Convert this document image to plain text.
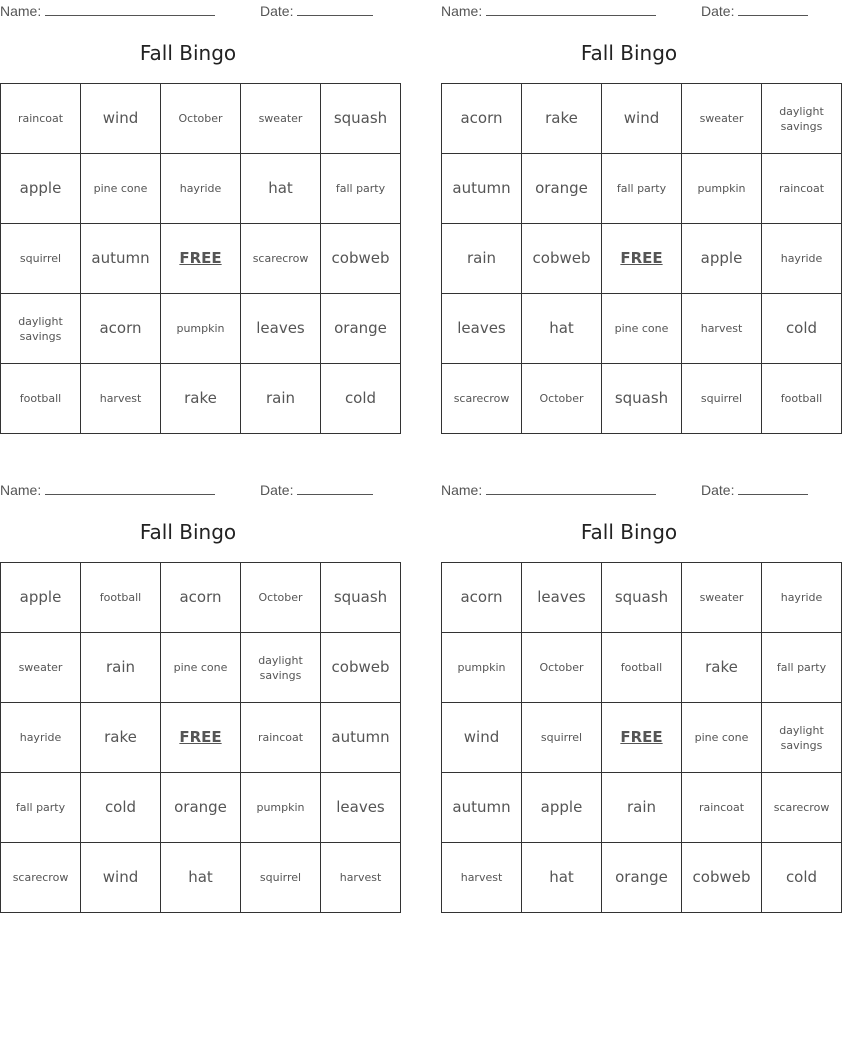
Name:	Date:
Fall Bingo
raincoat	wind	October	sweater	squash
apple	pine cone	hayride	hat	fall party
squirrel	autumn	FREE	scarecrow	cobweb
daylight savings	acorn	pumpkin	leaves	orange
football	harvest	rake	rain	cold
Name:	Date:
Fall Bingo
acorn	rake	wind	sweater	daylight savings
autumn	orange	fall party	pumpkin	raincoat
rain	cobweb	FREE	apple	hayride
leaves	hat	pine cone	harvest	cold
scarecrow	October	squash	squirrel	football
Name:	Date:
Fall Bingo
apple	football	acorn	October	squash
sweater	rain	pine cone	daylight savings	cobweb
hayride	rake	FREE	raincoat	autumn
fall party	cold	orange	pumpkin	leaves
scarecrow	wind	hat	squirrel	harvest
Name:	Date:
Fall Bingo
acorn	leaves	squash	sweater	hayride
pumpkin	October	football	rake	fall party
wind	squirrel	FREE	pine cone	daylight savings
autumn	apple	rain	raincoat	scarecrow
harvest	hat	orange	cobweb	cold
